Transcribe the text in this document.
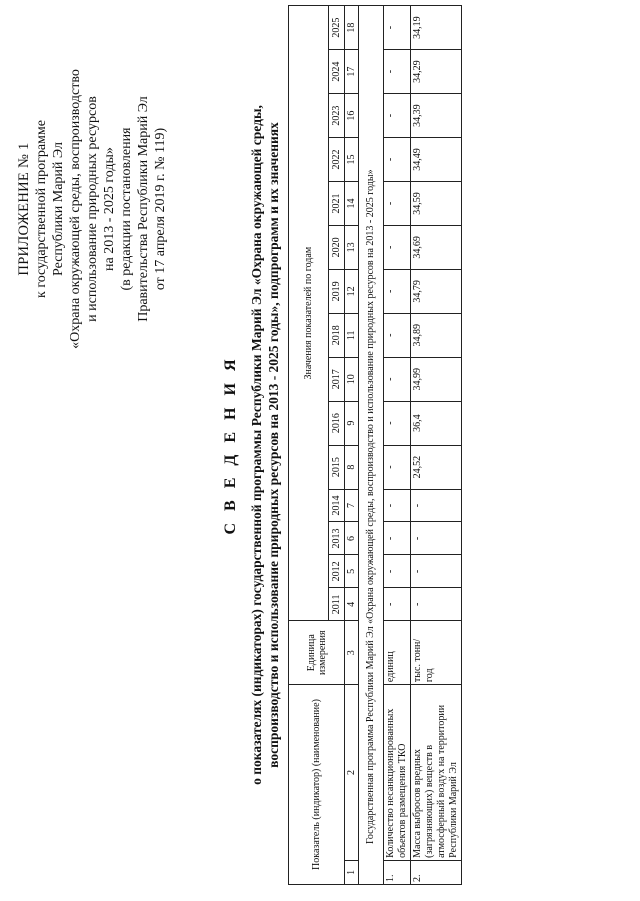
ПРИЛОЖЕНИЕ № 1 к государственной программе Республики Марий Эл «Охрана окружающей среды, воспроизводство и использование природных ресурсов на 2013 - 2025 годы» (в редакции постановления Правительства Республики Марий Эл от 17 апреля 2019 г. № 119)
С В Е Д Е Н И Я о показателях (индикаторах) государственной программы Республики Марий Эл «Охрана окружающей среды, воспроизводство и использование природных ресурсов на 2013 - 2025 годы», подпрограмм и их значениях
Показатель (индикатор) (наименование)		Единица измерения	Значения показателей по годам														
			2011	2012	2013	2014	2015	2016	2017	2018	2019	2020	2021	2022	2023	2024	2025
1	2	3	4	5	6	7	8	9	10	11	12	13	14	15	16	17	18
Государственная программа Республики Марий Эл «Охрана окружающей среды, воспроизводство и использование природных ресурсов на 2013 - 2025 годы»																	
1.	Количество несанкционированных объектов размещения ТКО	единиц	-	-	-	-	-	-	-	-	-	-	-	-	-	-	-
2.	Масса выбросов вредных (загрязняющих) веществ в атмосферный воздух на территории Республики Марий Эл	тыс. тонн/ год	-	-	-	-	24,52	36,4	34,99	34,89	34,79	34,69	34,59	34,49	34,39	34,29	34,19
